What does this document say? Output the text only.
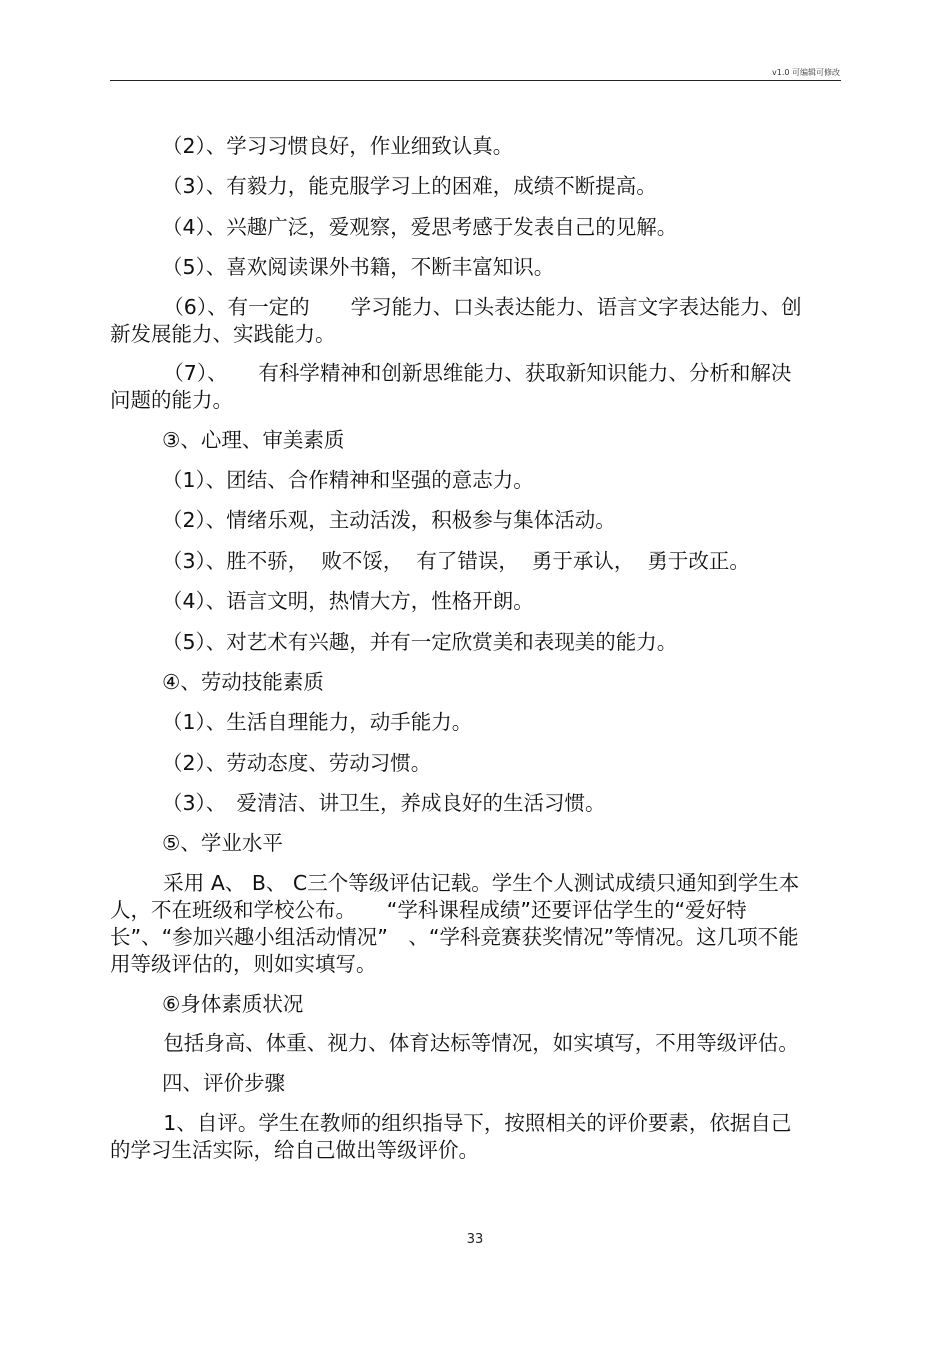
v1.0 可编辑可修改
（2）、学习习惯良好，作业细致认真。
（3）、有毅力，能克服学习上的困难，成绩不断提高。
（4）、兴趣广泛，爱观察，爱思考感于发表自己的见解。
（5）、喜欢阅读课外书籍，不断丰富知识。
（6）、有一定的　　学习能力、口头表达能力、语言文字表达能力、创新发展能力、实践能力。
（7）、　　有科学精神和创新思维能力、获取新知识能力、分析和解决问题的能力。
③、心理、审美素质
（1）、团结、合作精神和坚强的意志力。
（2）、情绪乐观，主动活泼，积极参与集体活动。
（3）、胜不骄，  败不馁，  有了错误，  勇于承认，  勇于改正。
（4）、语言文明，热情大方，性格开朗。
（5）、对艺术有兴趣，并有一定欣赏美和表现美的能力。
④、劳动技能素质
（1）、生活自理能力，动手能力。
（2）、劳动态度、劳动习惯。
（3）、　爱清洁、讲卫生，养成良好的生活习惯。
⑤、学业水平
采用 A、 B、 C三个等级评估记载。学生个人测试成绩只通知到学生本人，不在班级和学校公布。　　“学科课程成绩”还要评估学生的“爱好特长”、“参加兴趣小组活动情况”　、“学科竞赛获奖情况”等情况。这几项不能用等级评估的，则如实填写。
⑥身体素质状况
包括身高、体重、视力、体育达标等情况，如实填写，不用等级评估。
四、评价步骤
1、自评。学生在教师的组织指导下，按照相关的评价要素，依据自己的学习生活实际，给自己做出等级评价。
33
